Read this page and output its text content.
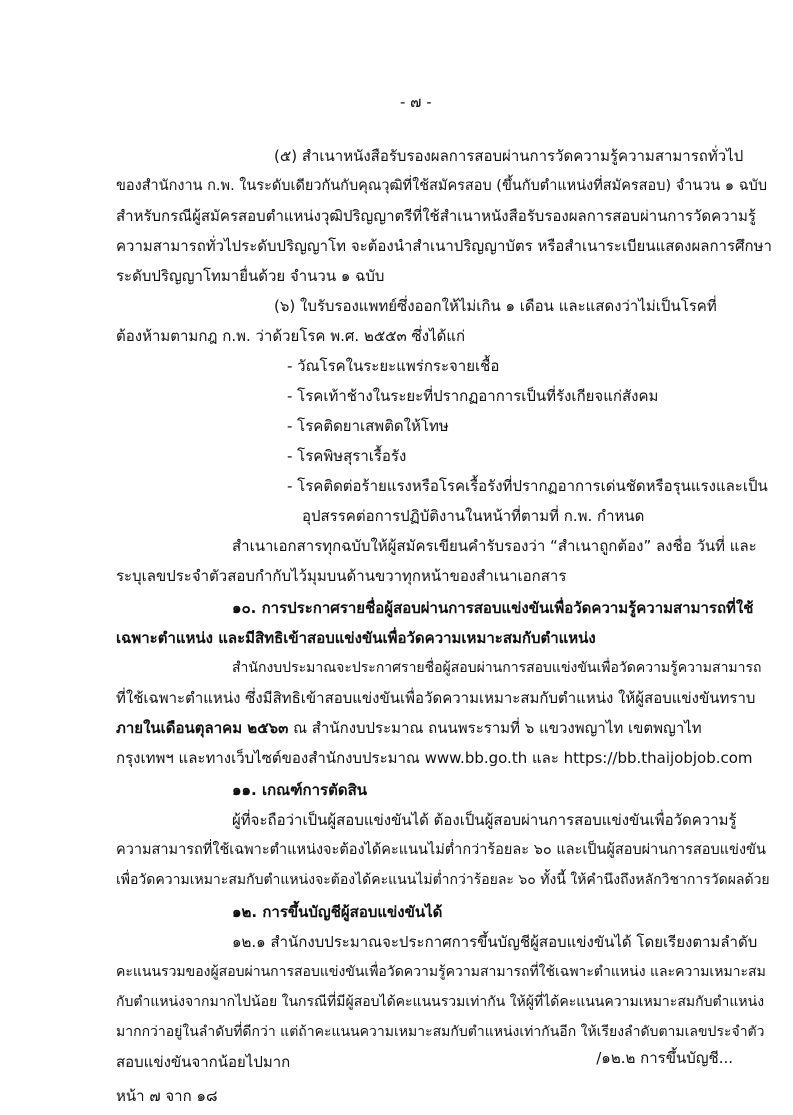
- ๗ -
(๕) สำเนาหนังสือรับรองผลการสอบผ่านการวัดความรู้ความสามารถทั่วไป
ของสำนักงาน ก.พ. ในระดับเดียวกันกับคุณวุฒิที่ใช้สมัครสอบ (ขึ้นกับตำแหน่งที่สมัครสอบ) จำนวน ๑ ฉบับ
สำหรับกรณีผู้สมัครสอบตำแหน่งวุฒิปริญญาตรีที่ใช้สำเนาหนังสือรับรองผลการสอบผ่านการวัดความรู้
ความสามารถทั่วไประดับปริญญาโท จะต้องนำสำเนาปริญญาบัตร หรือสำเนาระเบียนแสดงผลการศึกษา
ระดับปริญญาโทมายื่นด้วย จำนวน ๑ ฉบับ
(๖) ใบรับรองแพทย์ซึ่งออกให้ไม่เกิน ๑ เดือน และแสดงว่าไม่เป็นโรคที่
ต้องห้ามตามกฎ ก.พ. ว่าด้วยโรค พ.ศ. ๒๕๕๓ ซึ่งได้แก่
- วัณโรคในระยะแพร่กระจายเชื้อ
- โรคเท้าช้างในระยะที่ปรากฏอาการเป็นที่รังเกียจแก่สังคม
- โรคติดยาเสพติดให้โทษ
- โรคพิษสุราเรื้อรัง
- โรคติดต่อร้ายแรงหรือโรคเรื้อรังที่ปรากฏอาการเด่นชัดหรือรุนแรงและเป็น
อุปสรรคต่อการปฏิบัติงานในหน้าที่ตามที่ ก.พ. กำหนด
สำเนาเอกสารทุกฉบับให้ผู้สมัครเขียนคำรับรองว่า “สำเนาถูกต้อง” ลงชื่อ วันที่ และ
ระบุเลขประจำตัวสอบกำกับไว้มุมบนด้านขวาทุกหน้าของสำเนาเอกสาร
๑๐. การประกาศรายชื่อผู้สอบผ่านการสอบแข่งขันเพื่อวัดความรู้ความสามารถที่ใช้
เฉพาะตำแหน่ง และมีสิทธิเข้าสอบแข่งขันเพื่อวัดความเหมาะสมกับตำแหน่ง
สำนักงบประมาณจะประกาศรายชื่อผู้สอบผ่านการสอบแข่งขันเพื่อวัดความรู้ความสามารถ
ที่ใช้เฉพาะตำแหน่ง ซึ่งมีสิทธิเข้าสอบแข่งขันเพื่อวัดความเหมาะสมกับตำแหน่ง ให้ผู้สอบแข่งขันทราบ
ภายในเดือนตุลาคม ๒๕๖๓ ณ สำนักงบประมาณ ถนนพระรามที่ ๖ แขวงพญาไท เขตพญาไท
กรุงเทพฯ และทางเว็บไซต์ของสำนักงบประมาณ www.bb.go.th และ https://bb.thaijobjob.com
๑๑. เกณฑ์การตัดสิน
ผู้ที่จะถือว่าเป็นผู้สอบแข่งขันได้ ต้องเป็นผู้สอบผ่านการสอบแข่งขันเพื่อวัดความรู้
ความสามารถที่ใช้เฉพาะตำแหน่งจะต้องได้คะแนนไม่ต่ำกว่าร้อยละ ๖๐ และเป็นผู้สอบผ่านการสอบแข่งขัน
เพื่อวัดความเหมาะสมกับตำแหน่งจะต้องได้คะแนนไม่ต่ำกว่าร้อยละ ๖๐ ทั้งนี้ ให้คำนึงถึงหลักวิชาการวัดผลด้วย
๑๒. การขึ้นบัญชีผู้สอบแข่งขันได้
๑๒.๑ สำนักงบประมาณจะประกาศการขึ้นบัญชีผู้สอบแข่งขันได้ โดยเรียงตามลำดับ
คะแนนรวมของผู้สอบผ่านการสอบแข่งขันเพื่อวัดความรู้ความสามารถที่ใช้เฉพาะตำแหน่ง และความเหมาะสม
กับตำแหน่งจากมากไปน้อย ในกรณีที่มีผู้สอบได้คะแนนรวมเท่ากัน ให้ผู้ที่ได้คะแนนความเหมาะสมกับตำแหน่ง
มากกว่าอยู่ในลำดับที่ดีกว่า แต่ถ้าคะแนนความเหมาะสมกับตำแหน่งเท่ากันอีก ให้เรียงลำดับตามเลขประจำตัว
สอบแข่งขันจากน้อยไปมาก	/๑๒.๒ การขึ้นบัญชี...
หน้า ๗ จาก ๑๘
